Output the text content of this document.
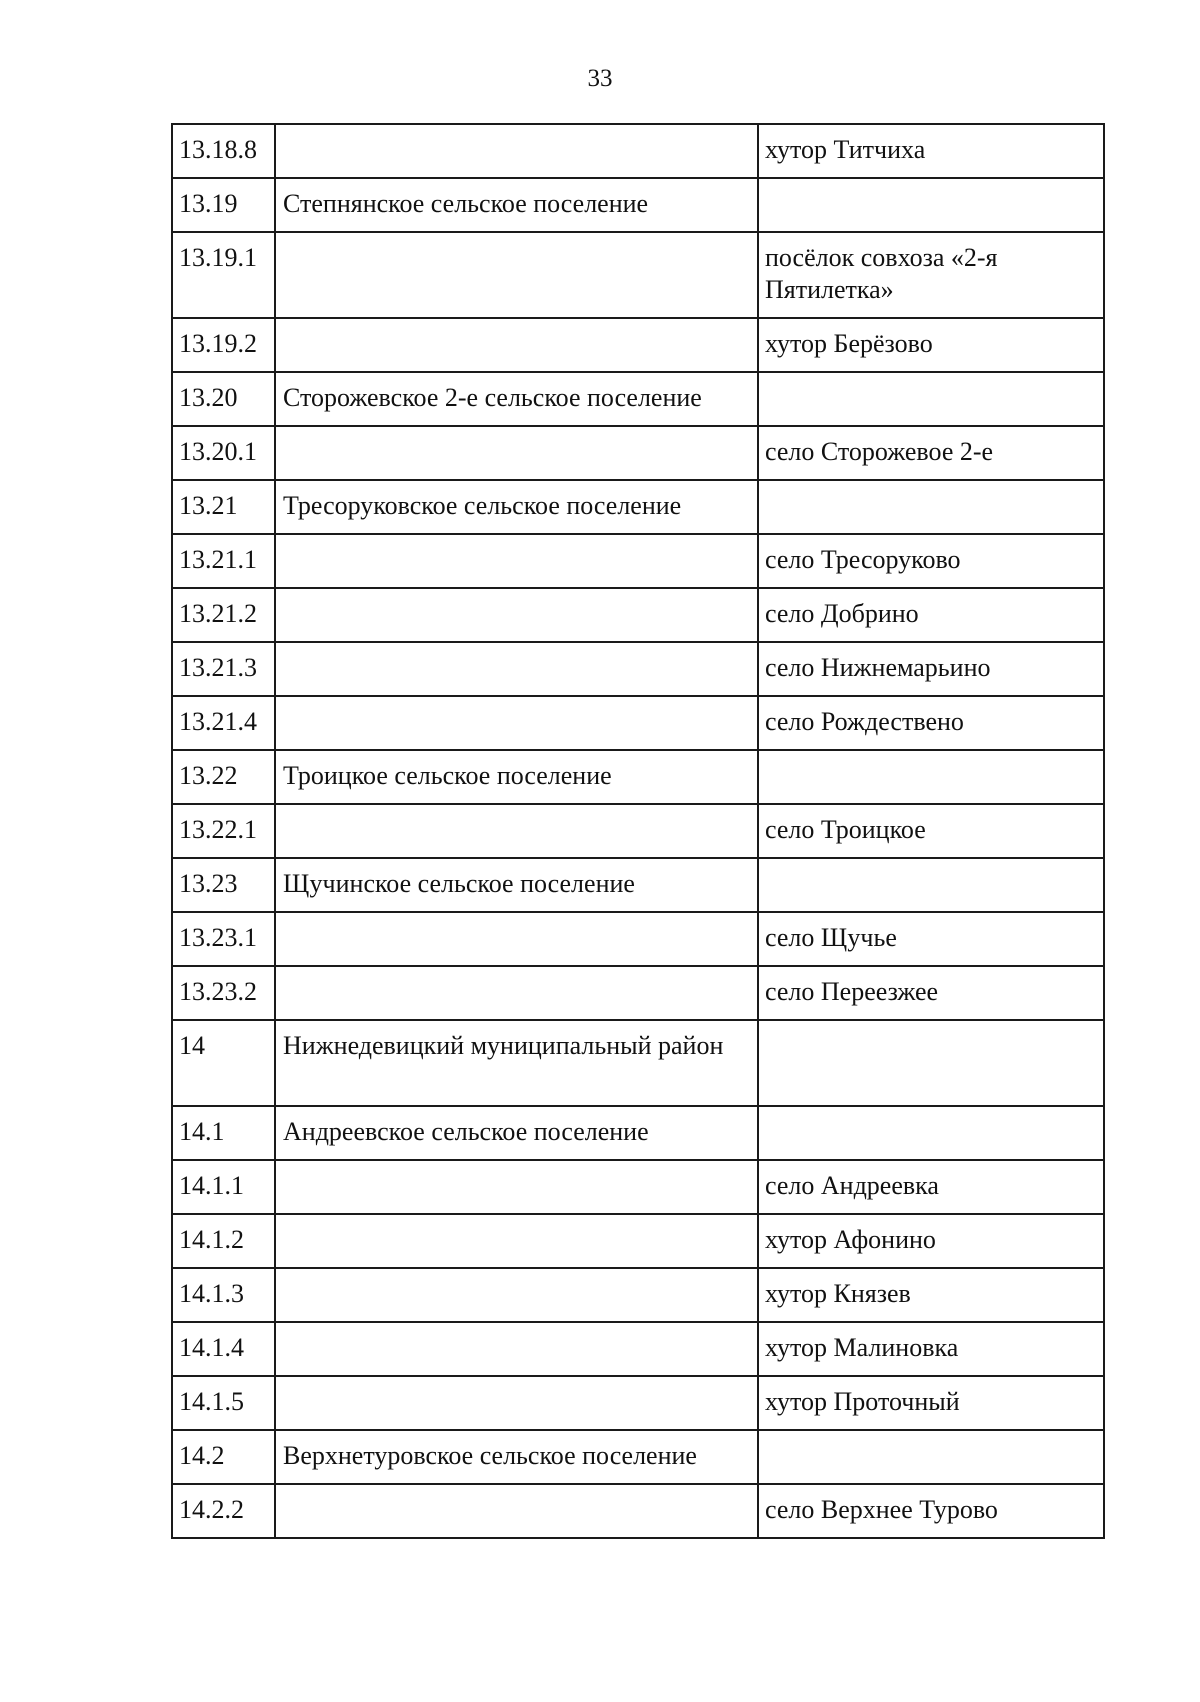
33
13.18.8		хутор Титчиха
13.19	Степнянское сельское поселение	
13.19.1		посёлок совхоза «2-я Пятилетка»
13.19.2		хутор Берёзово
13.20	Сторожевское 2-е сельское поселение	
13.20.1		село Сторожевое 2-е
13.21	Тресоруковское сельское поселение	
13.21.1		село Тресоруково
13.21.2		село Добрино
13.21.3		село Нижнемарьино
13.21.4		село Рождествено
13.22	Троицкое сельское поселение	
13.22.1		село Троицкое
13.23	Щучинское сельское поселение	
13.23.1		село Щучье
13.23.2		село Переезжее
14	Нижнедевицкий муниципальный район	
14.1	Андреевское сельское поселение	
14.1.1		село Андреевка
14.1.2		хутор Афонино
14.1.3		хутор Князев
14.1.4		хутор Малиновка
14.1.5		хутор Проточный
14.2	Верхнетуровское сельское поселение	
14.2.2		село Верхнее Турово
